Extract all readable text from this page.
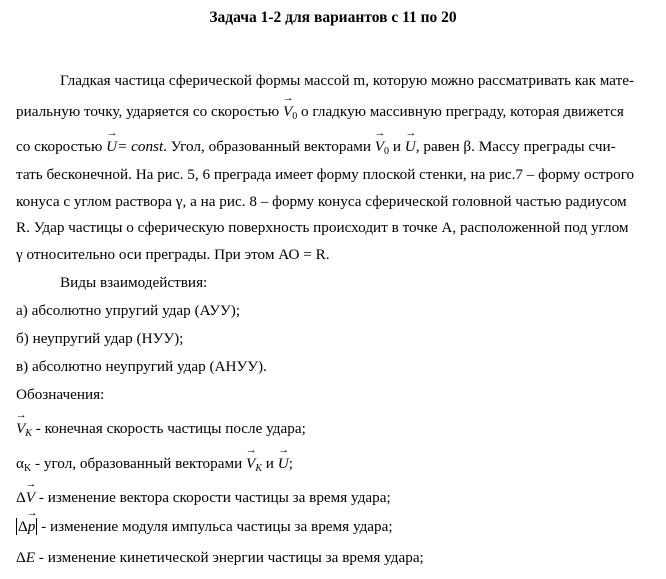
Задача 1-2 для вариантов с 11 по 20
Гладкая частица сферической формы массой m, которую можно рассматривать как мате-
риальную точку, ударяется со скоростью → $V_0$ о гладкую массивную преграду, которая движется
со скоростью → U= const. Угол, образованный векторами → $V_0$ и → U, равен β. Массу преграды счи-
тать бесконечной. На рис. 5, 6 преграда имеет форму плоской стенки, на рис.7 – форму острого
конуса с углом раствора γ, а на рис. 8 – форму конуса сферической головной частью радиусом
R. Удар частицы о сферическую поверхность происходит в точке А, расположенной под углом
γ относительно оси преграды. При этом АО = R.
Виды взаимодействия:
а) абсолютно упругий удар (АУУ);
б) неупругий удар (НУУ);
в) абсолютно неупругий удар (АНУУ).
Обозначения:
→ VK - конечная скорость частицы после удара;
$\alpha_K$ - угол, образованный векторами → VK и → U;
Δ→ V - изменение вектора скорости частицы за время удара;
Δ→ p - изменение модуля импульса частицы за время удара;
ΔE - изменение кинетической энергии частицы за время удара;
